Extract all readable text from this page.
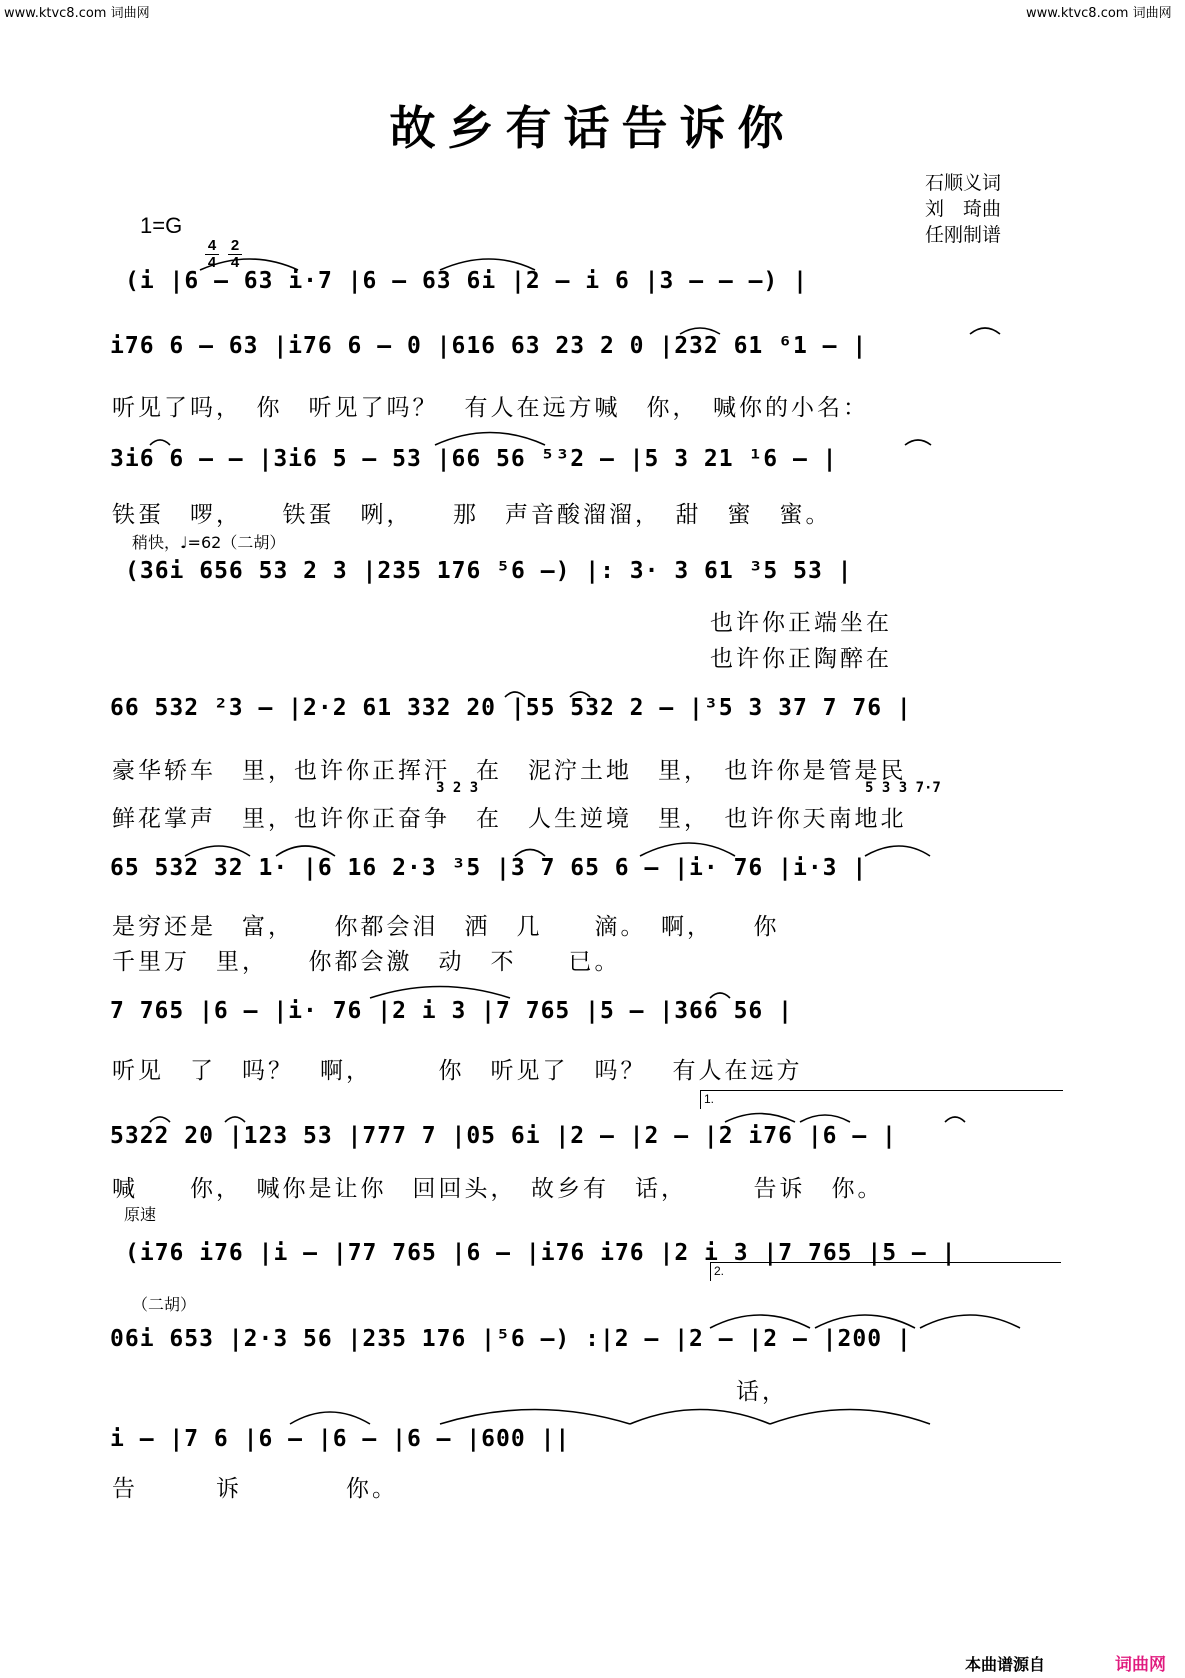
www.ktvc8.com 词曲网	www.ktvc8.com 词曲网
故乡有话告诉你
石顺义词
刘　琦曲
任刚制谱
1=G

4
4

2
4

(i |6 – 63 i·7 |6 – 63 6i |2 – i 6 |3 – – –) |
i76 6 – 63 |i76 6 – 0 |616 63 23 2 0 |232 61 ⁶1 – |
听见了吗，　你　听见了吗？　有人在远方喊　你，　喊你的小名：
3i6 6 – – |3i6 5 – 53 |66 56 ⁵³2 – |5 3 21 ¹6 – |
铁蛋　啰，　　铁蛋　咧，　　那　声音酸溜溜，　甜　蜜　蜜。
稍快，♩=62（二胡）
(36i 656 53 2 3 |235 176 ⁵6 –) |: 3· 3 61 ³5 53 |
　　　　　　　　　　　　　　　　　　　　　　　也许你正端坐在
　　　　　　　　　　　　　　　　　　　　　　　也许你正陶醉在
66 532 ²3 – |2·2 61 332 20 |55 532 2 – |³5 3 37 7 76 |
豪华轿车　里，也许你正挥汗　在　泥泞土地　里，　也许你是管是民
3 2 3	5 3 3 7·7
鲜花掌声　里，也许你正奋争　在　人生逆境　里，　也许你天南地北
65 532 32 1· |6 16 2·3 ³5 |3 7 65 6 – |i· 76 |i·3 |
是穷还是　富，　　你都会泪　洒　几　　滴。　啊，　　你
千里万　里，　　你都会激　动　不　　已。
7 765 |6 – |i· 76 |2 i 3 |7 765 |5 – |366 56 |
听见　了　吗？　啊，　　　你　听见了　吗？　有人在远方
1.
5322 20 |123 53 |777 7 |05 6i |2 – |2 – |2 i76 |6 – |
喊　　你，　喊你是让你　回回头，　故乡有　话，　　　告诉　你。
原速
(i76 i76 |i – |77 765 |6 – |i76 i76 |2 i 3 |7 765 |5 – |
（二胡）
2.
06i 653 |2·3 56 |235 176 |⁵6 –) :|2 – |2 – |2 – |200 |
　　　　　　　　　　　　　　　　　　　　　　　　话，
i – |7 6 |6 – |6 – |6 – |600 ||
告　　　诉　　　　你。
本曲谱源自	词曲网
